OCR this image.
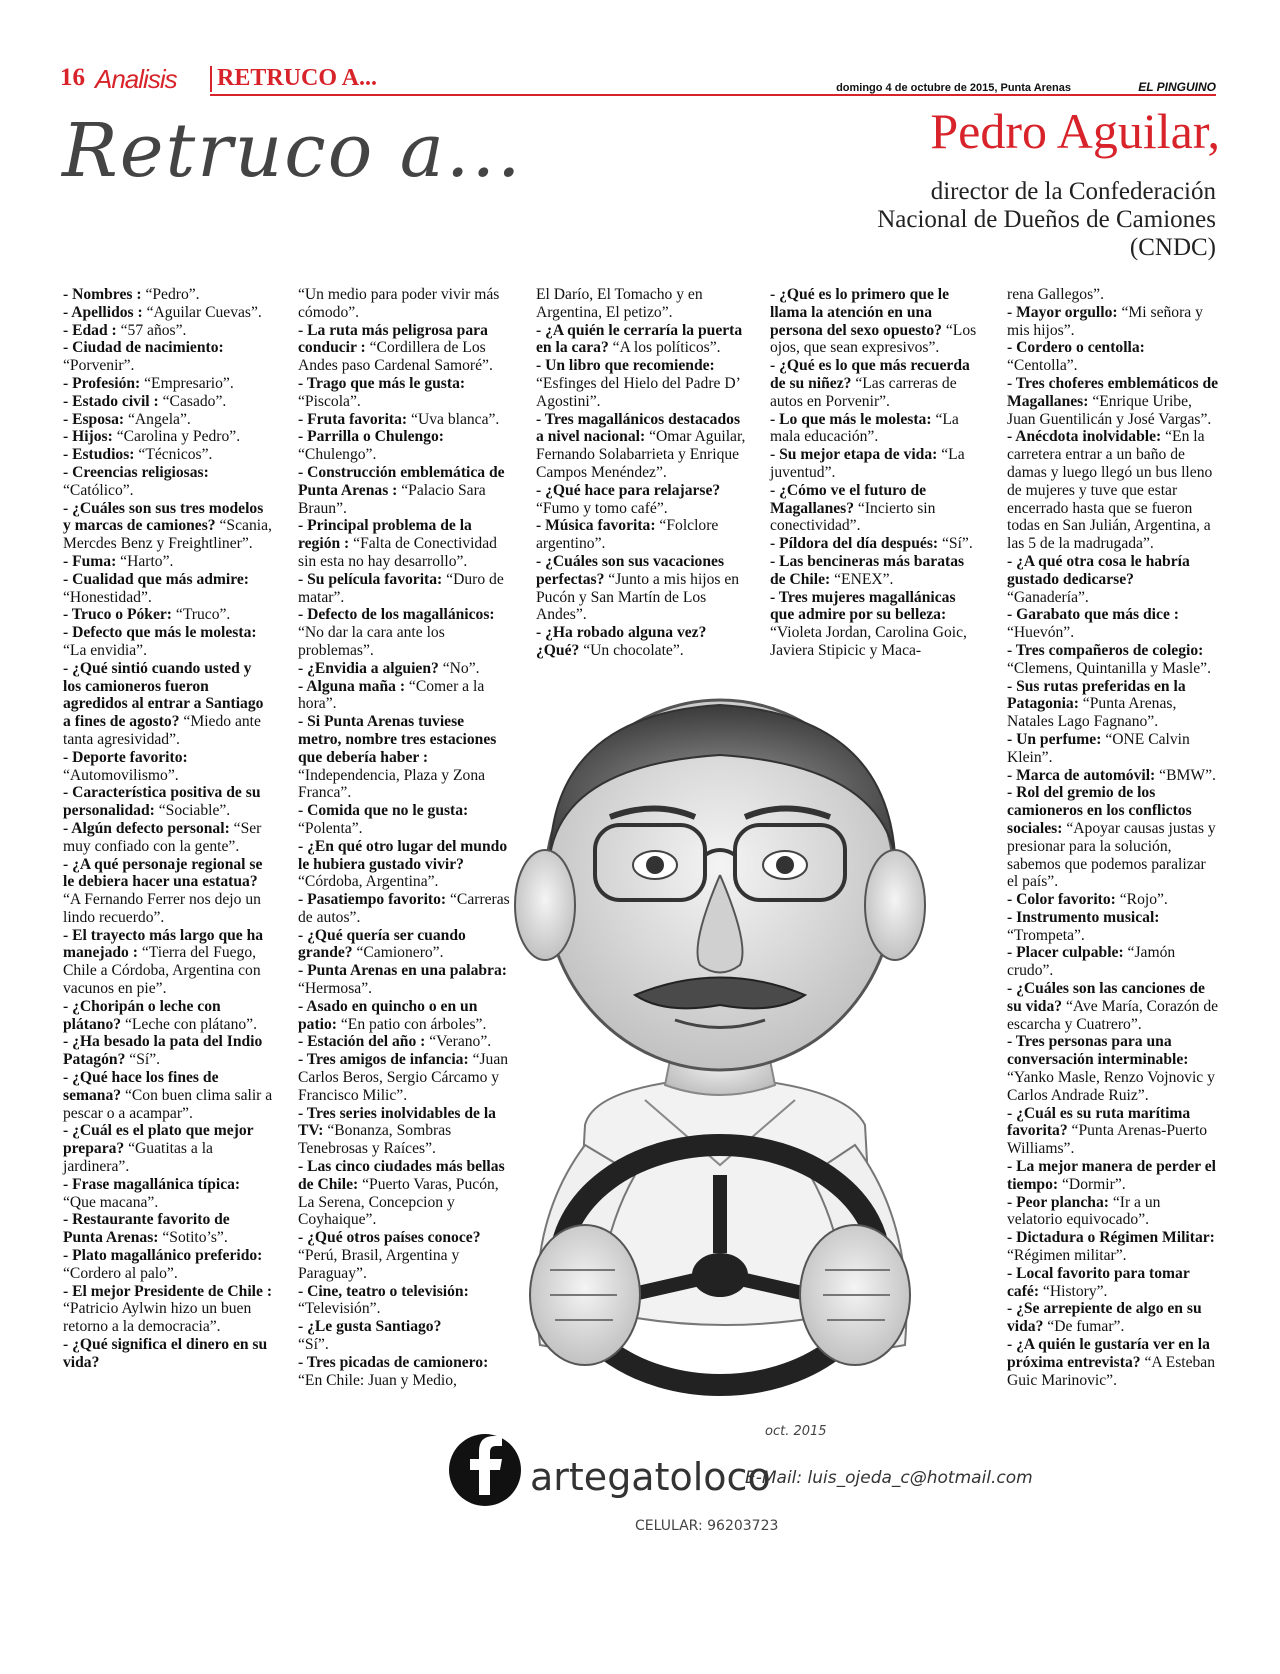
16 Analisis RETRUCO A...	domingo 4 de octubre de 2015, Punta Arenas	EL PINGUINO
Retruco a...	Pedro Aguilar,
director de la Confederación
Nacional de Dueños de Camiones
(CNDC)

- Nombres : “Pedro”.

- Apellidos : “Aguilar Cuevas”.

- Edad : “57 años”.

- Ciudad de nacimiento: “Porvenir”.

- Profesión: “Empresario”.

- Estado civil : “Casado”.

- Esposa: “Angela”.

- Hijos: “Carolina y Pedro”.

- Estudios: “Técnicos”.

- Creencias religiosas: “Católico”.

- ¿Cuáles son sus tres modelos y marcas de camiones? “Scania, Mercdes Benz y Freightliner”.

- Fuma: “Harto”.

- Cualidad que más admire: “Honestidad”.

- Truco o Póker: “Truco”.

- Defecto que más le molesta: “La envidia”.

- ¿Qué sintió cuando usted y los camioneros fueron agredidos al entrar a Santiago a fines de agosto? “Miedo ante tanta agresividad”.

- Deporte favorito: “Automovilismo”.

- Característica positiva de su personalidad: “Sociable”.

- Algún defecto personal: “Ser muy confiado con la gente”.

- ¿A qué personaje regional se le debiera hacer una estatua? “A Fernando Ferrer nos dejo un lindo recuerdo”.

- El trayecto más largo que ha manejado : “Tierra del Fuego, Chile a Córdoba, Argentina con vacunos en pie”.

- ¿Choripán o leche con plátano? “Leche con plátano”.

- ¿Ha besado la pata del Indio Patagón? “Sí”.

- ¿Qué hace los fines de semana? “Con buen clima salir a pescar o a acampar”.

- ¿Cuál es el plato que mejor prepara? “Guatitas a la jardinera”.

- Frase magallánica típica: “Que macana”.

- Restaurante favorito de Punta Arenas: “Sotito’s”.

- Plato magallánico preferido: “Cordero al palo”.

- El mejor Presidente de Chile : “Patricio Aylwin hizo un buen retorno a la democracia”.

- ¿Qué significa el dinero en su vida?

“Un medio para poder vivir más cómodo”.

- La ruta más peligrosa para conducir : “Cordillera de Los Andes paso Cardenal Samoré”.

- Trago que más le gusta: “Piscola”.

- Fruta favorita: “Uva blanca”.

- Parrilla o Chulengo: “Chulengo”.

- Construcción emblemática de Punta Arenas : “Palacio Sara Braun”.

- Principal problema de la región : “Falta de Conectividad sin esta no hay desarrollo”.

- Su película favorita: “Duro de matar”.

- Defecto de los magallánicos: “No dar la cara ante los problemas”.

- ¿Envidia a alguien? “No”.

- Alguna maña : “Comer a la hora”.

- Si Punta Arenas tuviese metro, nombre tres estaciones que debería haber : “Independencia, Plaza y Zona Franca”.

- Comida que no le gusta: “Polenta”.

- ¿En qué otro lugar del mundo le hubiera gustado vivir? “Córdoba, Argentina”.

- Pasatiempo favorito: “Carreras de autos”.

- ¿Qué quería ser cuando grande? “Camionero”.

- Punta Arenas en una palabra: “Hermosa”.

- Asado en quincho o en un patio: “En patio con árboles”.

- Estación del año : “Verano”.

- Tres amigos de infancia: “Juan Carlos Beros, Sergio Cárcamo y Francisco Milic”.

- Tres series inolvidables de la TV: “Bonanza, Sombras Tenebrosas y Raíces”.

- Las cinco ciudades más bellas de Chile: “Puerto Varas, Pucón, La Serena, Concepcion y Coyhaique”.

- ¿Qué otros países conoce? “Perú, Brasil, Argentina y Paraguay”.

- Cine, teatro o televisión: “Televisión”.

- ¿Le gusta Santiago?

“Sí”.

- Tres picadas de camionero: “En Chile: Juan y Medio,

El Darío, El Tomacho y en Argentina, El petizo”.

- ¿A quién le cerraría la puerta en la cara? “A los políticos”.

- Un libro que recomiende: “Esfinges del Hielo del Padre D’ Agostini”.

- Tres magallánicos destacados a nivel nacional: “Omar Aguilar, Fernando Solabarrieta y Enrique Campos Menéndez”.

- ¿Qué hace para relajarse? “Fumo y tomo café”.

- Música favorita: “Folclore argentino”.

- ¿Cuáles son sus vacaciones perfectas? “Junto a mis hijos en Pucón y San Martín de Los Andes”.

- ¿Ha robado alguna vez? ¿Qué? “Un chocolate”.

- ¿Qué es lo primero que le llama la atención en una persona del sexo opuesto? “Los ojos, que sean expresivos”.

- ¿Qué es lo que más recuerda de su niñez? “Las carreras de autos en Porvenir”.

- Lo que más le molesta: “La mala educación”.

- Su mejor etapa de vida: “La juventud”.

- ¿Cómo ve el futuro de Magallanes? “Incierto sin conectividad”.

- Píldora del día después: “Sí”.

- Las bencineras más baratas de Chile: “ENEX”.

- Tres mujeres magallánicas que admire por su belleza: “Violeta Jordan, Carolina Goic, Javiera Stipicic y Maca-

rena Gallegos”.

- Mayor orgullo: “Mi señora y mis hijos”.

- Cordero o centolla: “Centolla”.

- Tres choferes emblemáticos de Magallanes: “Enrique Uribe, Juan Guentilicán y José Vargas”.

- Anécdota inolvidable: “En la carretera entrar a un baño de damas y luego llegó un bus lleno de mujeres y tuve que estar encerrado hasta que se fueron todas en San Julián, Argentina, a las 5 de la madrugada”.

- ¿A qué otra cosa le habría gustado dedicarse? “Ganadería”.

- Garabato que más dice : “Huevón”.

- Tres compañeros de colegio: “Clemens, Quintanilla y Masle”.

- Sus rutas preferidas en la Patagonia: “Punta Arenas, Natales Lago Fagnano”.

- Un perfume: “ONE Calvin Klein”.

- Marca de automóvil: “BMW”.

- Rol del gremio de los camioneros en los conflictos sociales: “Apoyar causas justas y presionar para la solución, sabemos que podemos paralizar el país”.

- Color favorito: “Rojo”.

- Instrumento musical: “Trompeta”.

- Placer culpable: “Jamón crudo”.

- ¿Cuáles son las canciones de su vida? “Ave María, Corazón de escarcha y Cuatrero”.

- Tres personas para una conversación interminable: “Yanko Masle, Renzo Vojnovic y Carlos Andrade Ruiz”.

- ¿Cuál es su ruta marítima favorita? “Punta Arenas-Puerto Williams”.

- La mejor manera de perder el tiempo: “Dormir”.

- Peor plancha: “Ir a un velatorio equivocado”.

- Dictadura o Régimen Militar: “Régimen militar”.

- Local favorito para tomar café: “History”.

- ¿Se arrepiente de algo en su vida? “De fumar”.

- ¿A quién le gustaría ver en la próxima entrevista? “A Esteban Guic Marinovic”.

artegatoloco
oct. 2015
E-Mail: luis_ojeda_c@hotmail.com
CELULAR: 96203723
